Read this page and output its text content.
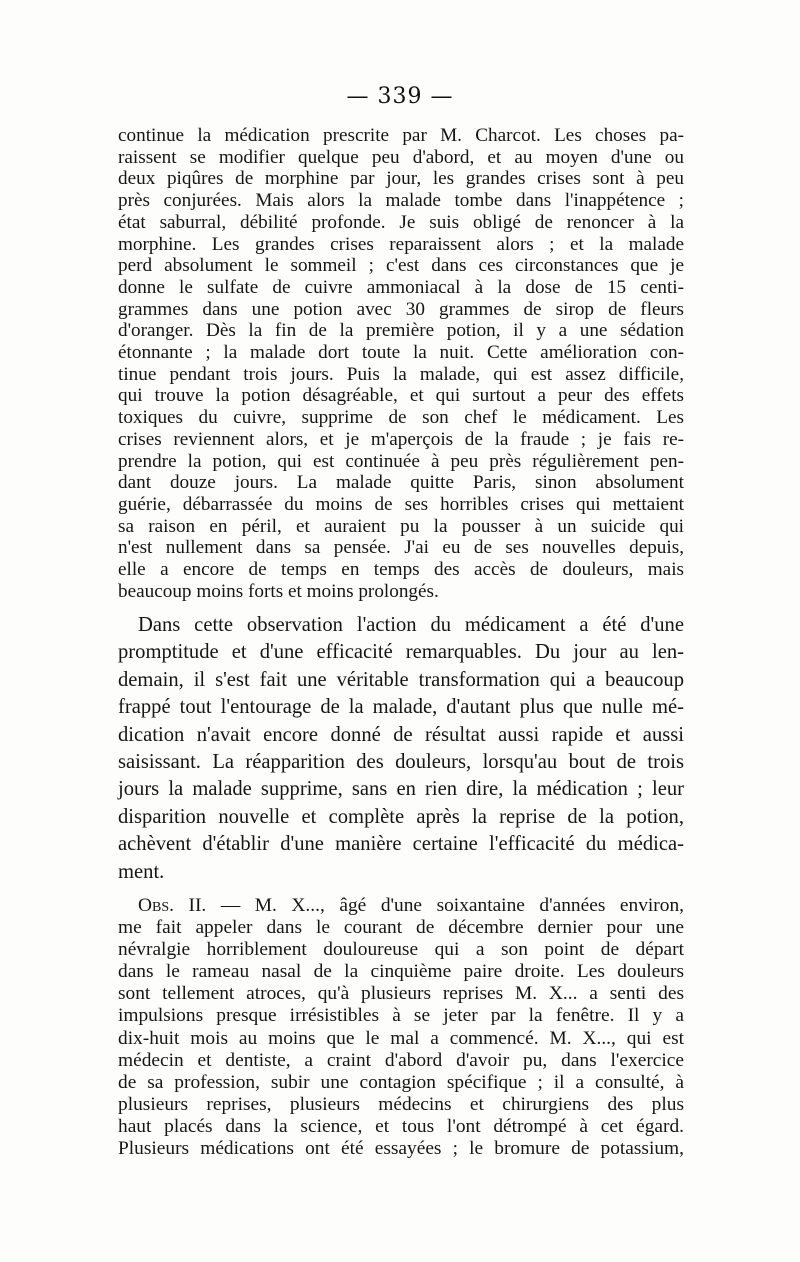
— 339 —
continue la médication prescrite par M. Charcot. Les choses pa-
raissent se modifier quelque peu d'abord, et au moyen d'une ou
deux piqûres de morphine par jour, les grandes crises sont à peu
près conjurées. Mais alors la malade tombe dans l'inappétence ;
état saburral, débilité profonde. Je suis obligé de renoncer à la
morphine. Les grandes crises reparaissent alors ; et la malade
perd absolument le sommeil ; c'est dans ces circonstances que je
donne le sulfate de cuivre ammoniacal à la dose de 15 centi-
grammes dans une potion avec 30 grammes de sirop de fleurs
d'oranger. Dès la fin de la première potion, il y a une sédation
étonnante ; la malade dort toute la nuit. Cette amélioration con-
tinue pendant trois jours. Puis la malade, qui est assez difficile,
qui trouve la potion désagréable, et qui surtout a peur des effets
toxiques du cuivre, supprime de son chef le médicament. Les
crises reviennent alors, et je m'aperçois de la fraude ; je fais re-
prendre la potion, qui est continuée à peu près régulièrement pen-
dant douze jours. La malade quitte Paris, sinon absolument
guérie, débarrassée du moins de ses horribles crises qui mettaient
sa raison en péril, et auraient pu la pousser à un suicide qui
n'est nullement dans sa pensée. J'ai eu de ses nouvelles depuis,
elle a encore de temps en temps des accès de douleurs, mais
beaucoup moins forts et moins prolongés.
Dans cette observation l'action du médicament a été d'une
promptitude et d'une efficacité remarquables. Du jour au len-
demain, il s'est fait une véritable transformation qui a beaucoup
frappé tout l'entourage de la malade, d'autant plus que nulle mé-
dication n'avait encore donné de résultat aussi rapide et aussi
saisissant. La réapparition des douleurs, lorsqu'au bout de trois
jours la malade supprime, sans en rien dire, la médication ; leur
disparition nouvelle et complète après la reprise de la potion,
achèvent d'établir d'une manière certaine l'efficacité du médica-
ment.
Obs. II. — M. X..., âgé d'une soixantaine d'années environ,
me fait appeler dans le courant de décembre dernier pour une
névralgie horriblement douloureuse qui a son point de départ
dans le rameau nasal de la cinquième paire droite. Les douleurs
sont tellement atroces, qu'à plusieurs reprises M. X... a senti des
impulsions presque irrésistibles à se jeter par la fenêtre. Il y a
dix-huit mois au moins que le mal a commencé. M. X..., qui est
médecin et dentiste, a craint d'abord d'avoir pu, dans l'exercice
de sa profession, subir une contagion spécifique ; il a consulté, à
plusieurs reprises, plusieurs médecins et chirurgiens des plus
haut placés dans la science, et tous l'ont détrompé à cet égard.
Plusieurs médications ont été essayées ; le bromure de potassium,
